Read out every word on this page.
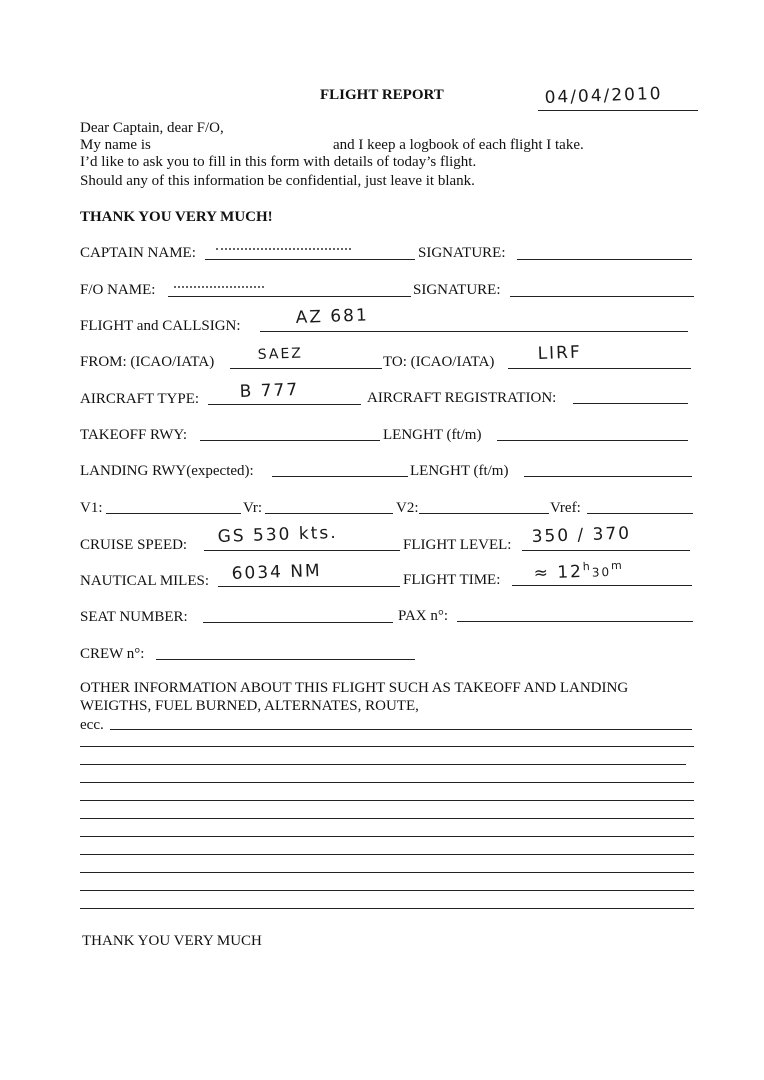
FLIGHT REPORT	04/04/2010
Dear Captain, dear F/O,
My name is	and I keep a logbook of each flight I take.
I’d like to ask you to fill in this form with details of today’s flight.
Should any of this information be confidential, just leave it blank.
THANK YOU VERY MUCH!
CAPTAIN NAME:	SIGNATURE:
F/O NAME:	SIGNATURE:
FLIGHT and CALLSIGN:	AZ 681
FROM: (ICAO/IATA)	SAEZ	TO: (ICAO/IATA)	LIRF
AIRCRAFT TYPE: B 777	AIRCRAFT REGISTRATION:
TAKEOFF RWY:	LENGHT (ft/m)
LANDING RWY(expected):	LENGHT (ft/m)
V1:	Vr:	V2:	Vref:
CRUISE SPEED: GS 530 kts.	FLIGHT LEVEL: 350 / 370
NAUTICAL MILES: 6034 NM	FLIGHT TIME: ≈ $12^h30^m$
SEAT NUMBER:	PAX n°:
CREW n°:
OTHER INFORMATION ABOUT THIS FLIGHT SUCH AS TAKEOFF AND LANDING
WEIGTHS, FUEL BURNED, ALTERNATES, ROUTE,
ecc.
THANK YOU VERY MUCH
